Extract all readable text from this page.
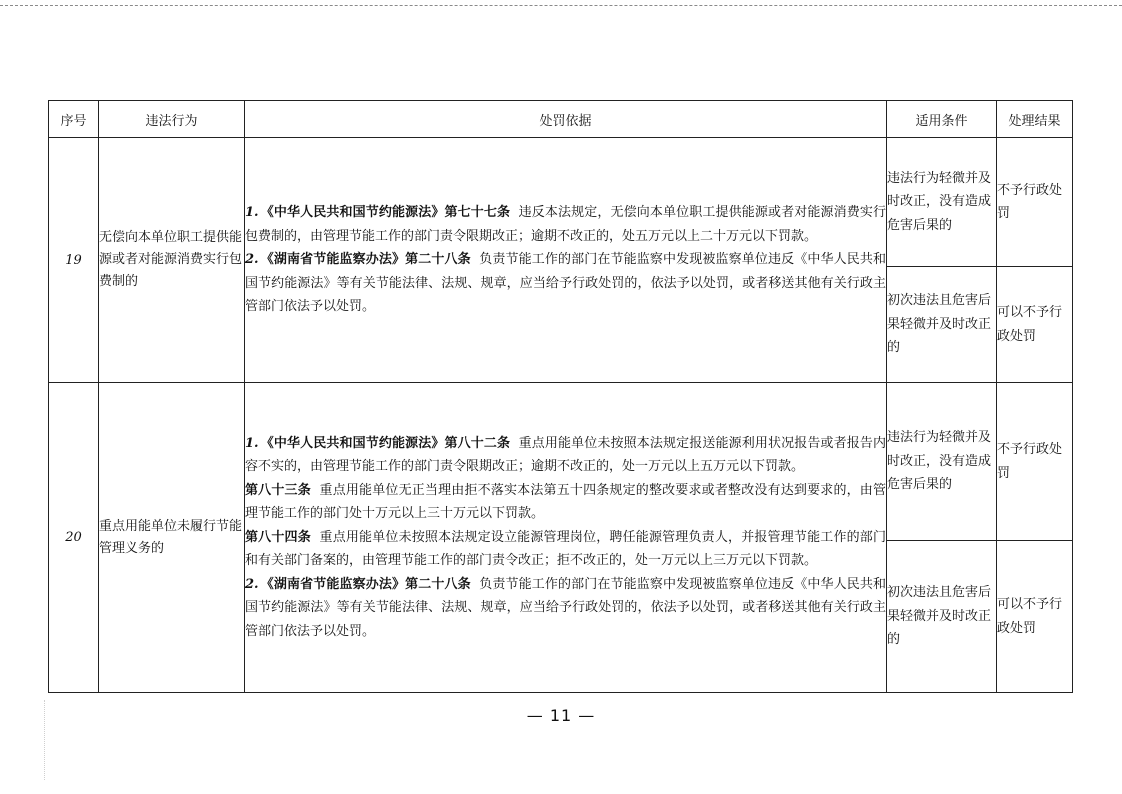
序号	违法行为	处罚依据	适用条件	处理结果
19	无偿向本单位职工提供能源或者对能源消费实行包费制的	1. 《中华人民共和国节约能源法》第七十七条 违反本法规定，无偿向本单位职工提供能源或者对能源消费实行包费制的，由管理节能工作的部门责令限期改正；逾期不改正的，处五万元以上二十万元以下罚款。

2. 《湖南省节能监察办法》第二十八条 负责节能工作的部门在节能监察中发现被监察单位违反《中华人民共和国节约能源法》等有关节能法律、法规、规章，应当给予行政处罚的，依法予以处罚，或者移送其他有关行政主管部门依法予以处罚。	违法行为轻微并及时改正，没有造成危害后果的	不予行政处罚
			初次违法且危害后果轻微并及时改正的	可以不予行政处罚
20	重点用能单位未履行节能管理义务的	1. 《中华人民共和国节约能源法》第八十二条 重点用能单位未按照本法规定报送能源利用状况报告或者报告内容不实的，由管理节能工作的部门责令限期改正；逾期不改正的，处一万元以上五万元以下罚款。

第八十三条 重点用能单位无正当理由拒不落实本法第五十四条规定的整改要求或者整改没有达到要求的，由管理节能工作的部门处十万元以上三十万元以下罚款。

第八十四条 重点用能单位未按照本法规定设立能源管理岗位，聘任能源管理负责人，并报管理节能工作的部门和有关部门备案的，由管理节能工作的部门责令改正；拒不改正的，处一万元以上三万元以下罚款。

2. 《湖南省节能监察办法》第二十八条 负责节能工作的部门在节能监察中发现被监察单位违反《中华人民共和国节约能源法》等有关节能法律、法规、规章，应当给予行政处罚的，依法予以处罚，或者移送其他有关行政主管部门依法予以处罚。	违法行为轻微并及时改正，没有造成危害后果的	不予行政处罚
			初次违法且危害后果轻微并及时改正的	可以不予行政处罚
— 11 —
